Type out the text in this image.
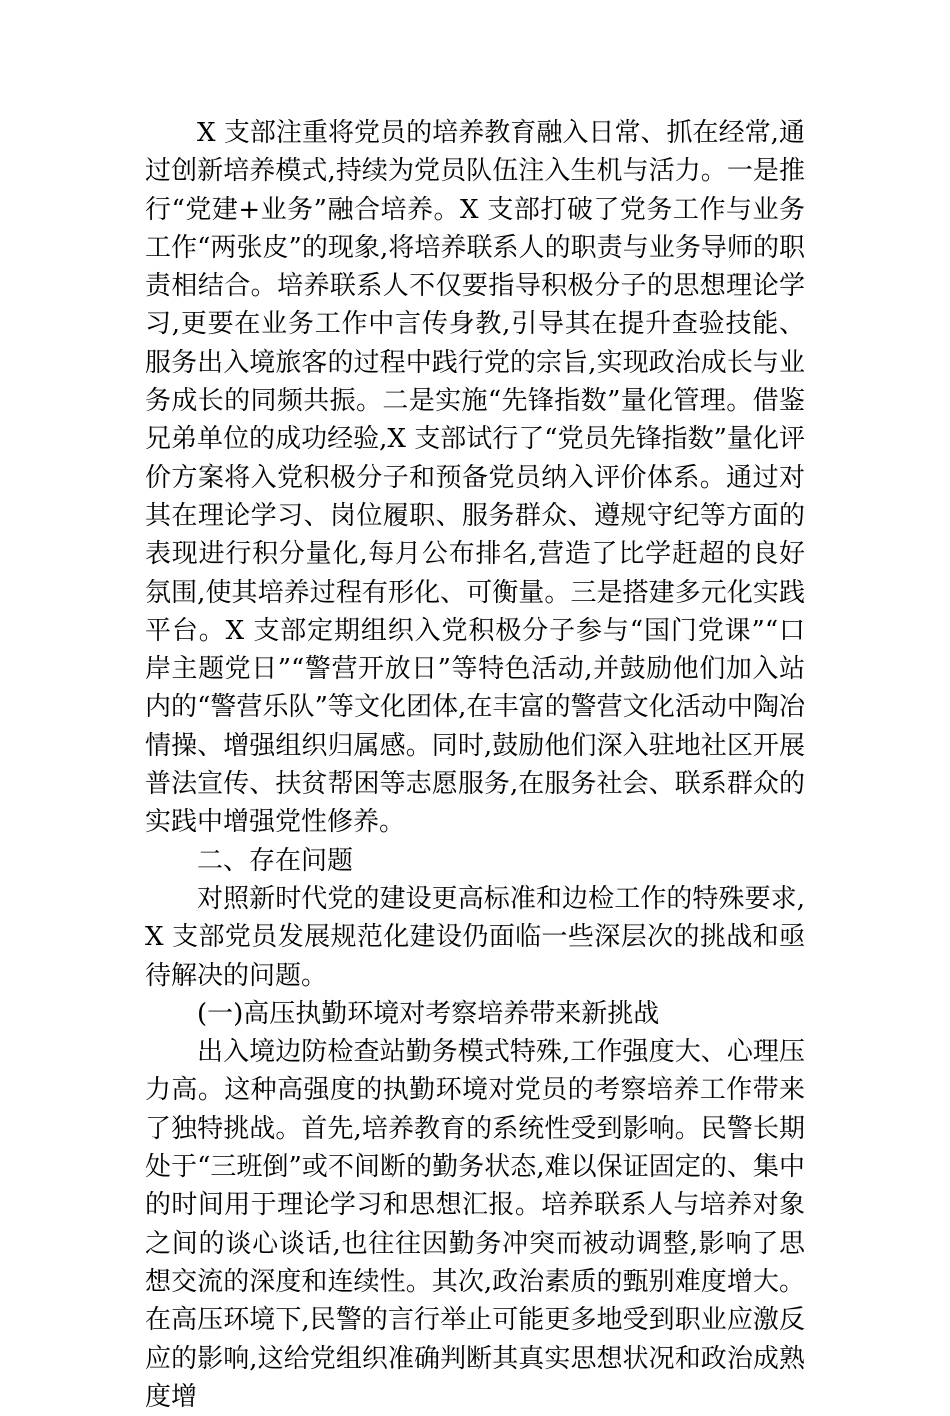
X 支部注重将党员的培养教育融入日常、抓在经常,通过创新培养模式,持续为党员队伍注入生机与活力。一是推行“党建+业务”融合培养。X 支部打破了党务工作与业务工作“两张皮”的现象,将培养联系人的职责与业务导师的职责相结合。培养联系人不仅要指导积极分子的思想理论学习,更要在业务工作中言传身教,引导其在提升查验技能、服务出入境旅客的过程中践行党的宗旨,实现政治成长与业务成长的同频共振。二是实施“先锋指数”量化管理。借鉴兄弟单位的成功经验,X 支部试行了“党员先锋指数”量化评价方案将入党积极分子和预备党员纳入评价体系。通过对其在理论学习、岗位履职、服务群众、遵规守纪等方面的表现进行积分量化,每月公布排名,营造了比学赶超的良好氛围,使其培养过程有形化、可衡量。三是搭建多元化实践平台。X 支部定期组织入党积极分子参与“国门党课”“口岸主题党日”“警营开放日”等特色活动,并鼓励他们加入站内的“警营乐队”等文化团体,在丰富的警营文化活动中陶冶情操、增强组织归属感。同时,鼓励他们深入驻地社区开展普法宣传、扶贫帮困等志愿服务,在服务社会、联系群众的实践中增强党性修养。

二、存在问题

对照新时代党的建设更高标准和边检工作的特殊要求,X 支部党员发展规范化建设仍面临一些深层次的挑战和亟待解决的问题。

(一)高压执勤环境对考察培养带来新挑战

出入境边防检查站勤务模式特殊,工作强度大、心理压力高。这种高强度的执勤环境对党员的考察培养工作带来了独特挑战。首先,培养教育的系统性受到影响。民警长期处于“三班倒”或不间断的勤务状态,难以保证固定的、集中的时间用于理论学习和思想汇报。培养联系人与培养对象之间的谈心谈话,也往往因勤务冲突而被动调整,影响了思想交流的深度和连续性。其次,政治素质的甄别难度增大。在高压环境下,民警的言行举止可能更多地受到职业应激反应的影响,这给党组织准确判断其真实思想状况和政治成熟度增
